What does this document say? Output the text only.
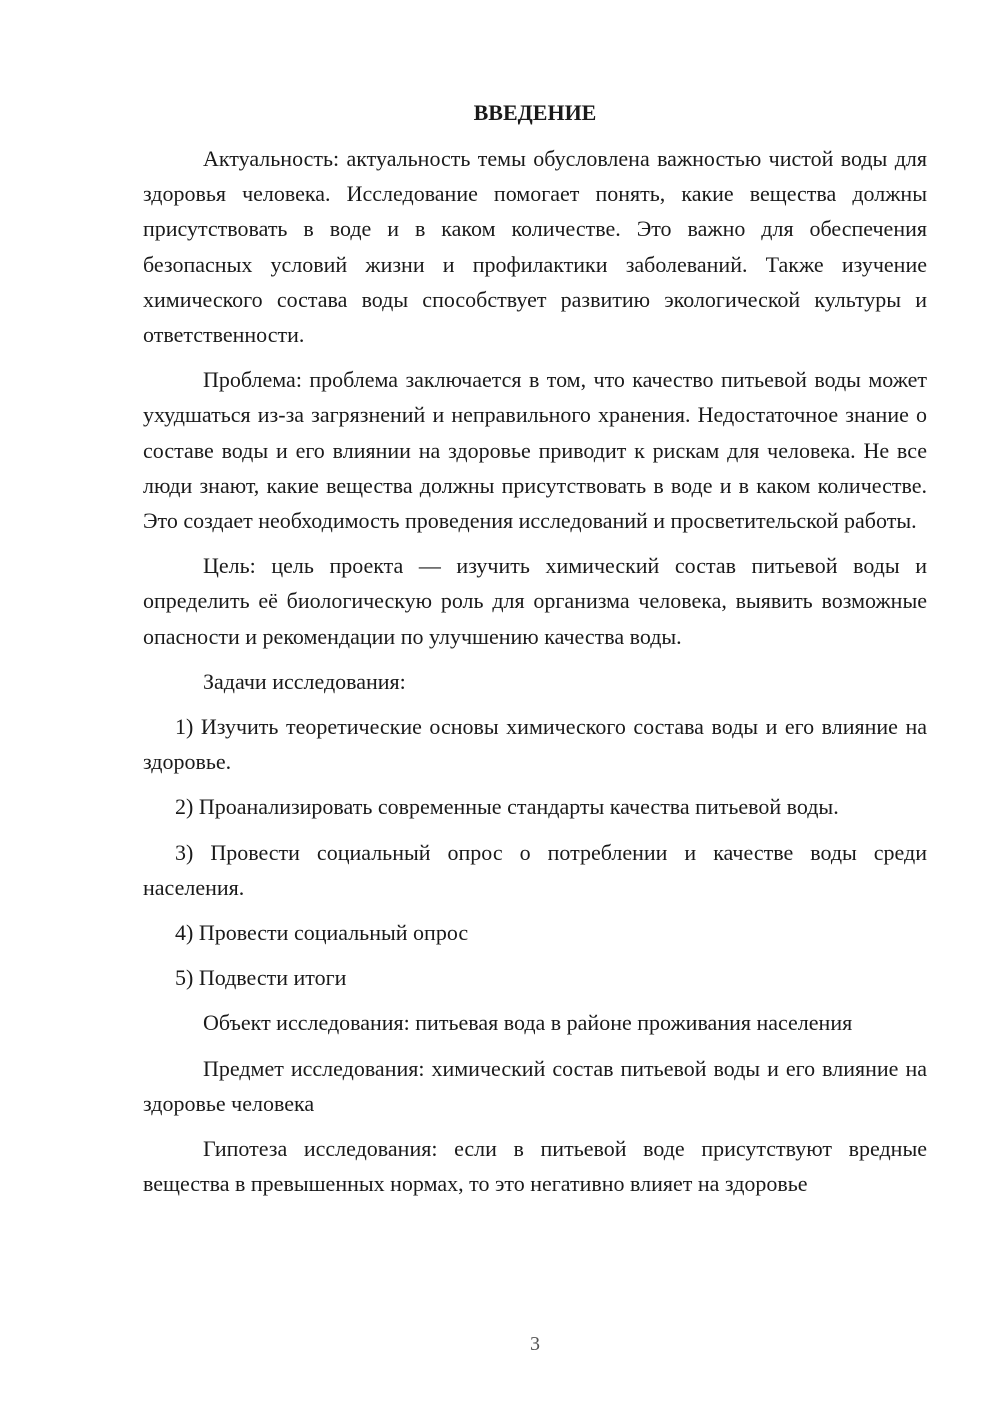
ВВЕДЕНИЕ

Актуальность: актуальность темы обусловлена важностью чистой воды для здоровья человека. Исследование помогает понять, какие вещества должны присутствовать в воде и в каком количестве. Это важно для обеспечения безопасных условий жизни и профилактики заболеваний. Также изучение химического состава воды способствует развитию экологической культуры и ответственности.

Проблема: проблема заключается в том, что качество питьевой воды может ухудшаться из-за загрязнений и неправильного хранения. Недостаточное знание о составе воды и его влиянии на здоровье приводит к рискам для человека. Не все люди знают, какие вещества должны присутствовать в воде и в каком количестве. Это создает необходимость проведения исследований и просветительской работы.

Цель: цель проекта — изучить химический состав питьевой воды и определить её биологическую роль для организма человека, выявить возможные опасности и рекомендации по улучшению качества воды.

Задачи исследования:

1) Изучить теоретические основы химического состава воды и его влияние на здоровье.

2) Проанализировать современные стандарты качества питьевой воды.

3) Провести социальный опрос о потреблении и качестве воды среди населения.

4) Провести социальный опрос

5) Подвести итоги

Объект исследования: питьевая вода в районе проживания населения

Предмет исследования: химический состав питьевой воды и его влияние на здоровье человека

Гипотеза исследования: если в питьевой воде присутствуют вредные вещества в превышенных нормах, то это негативно влияет на здоровье

3
